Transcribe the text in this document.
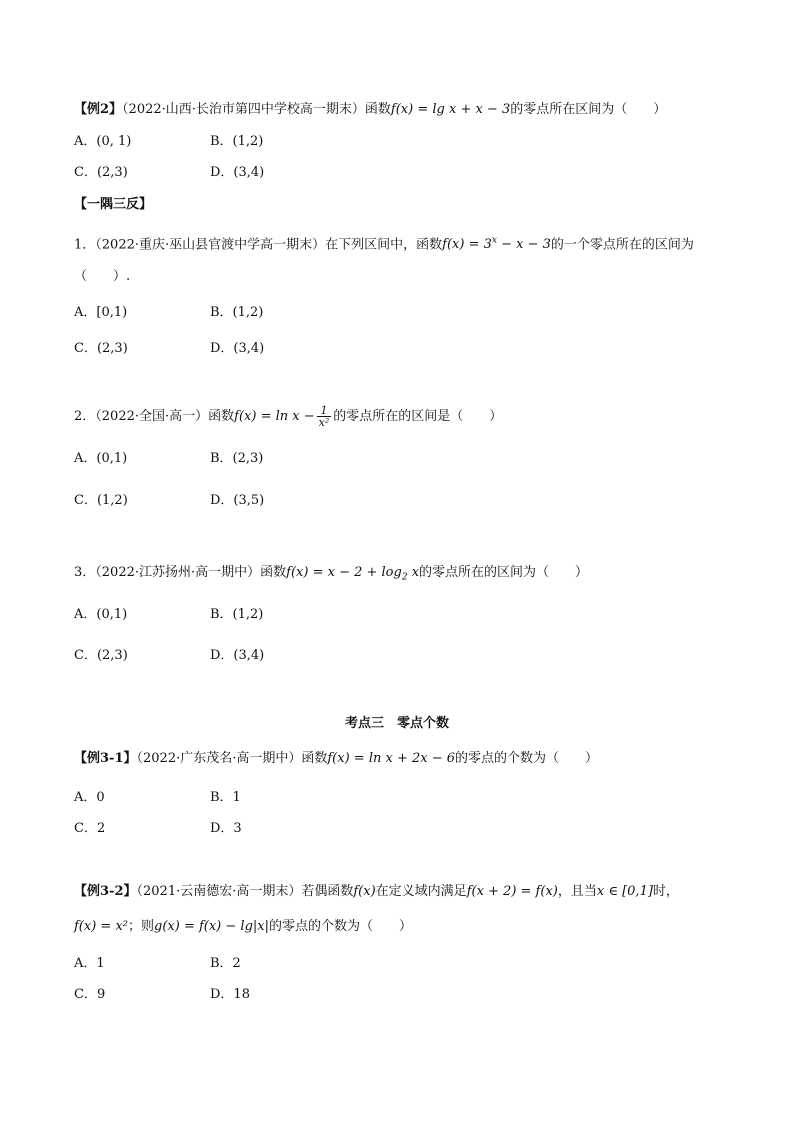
【例2】（2022·山西·长治市第四中学校高一期末）函数f(x) = lg x + x − 3的零点所在区间为（　　）
A．(0, 1)	B．(1,2)
C．(2,3)	D．(3,4)
【一隅三反】
1．（2022·重庆·巫山县官渡中学高一期末）在下列区间中，函数$f(x) = 3^x - x - 3$的一个零点所在的区间为
（　　）.
A．[0,1)	B．(1,2)
C．(2,3)	D．(3,4)
2．（2022·全国·高一）函数$f(x) = \ln x - \frac{1}{\text{x²}}$ 的零点所在的区间是（　　）
A．(0,1)	B．(2,3)
C．(1,2)	D．(3,5)
3．（2022·江苏扬州·高一期中）函数$f(x) = x - 2 + \log_2 x$的零点所在的区间为（　　）
A．(0,1)	B．(1,2)
C．(2,3)	D．(3,4)
考点三　零点个数
【例3-1】（2022·广东茂名·高一期中）函数f(x) = ln x + 2x − 6的零点的个数为（　　）
A．0	B．1
C．2	D．3
【例3-2】（2021·云南德宏·高一期末）若偶函数f(x)在定义域内满足f(x + 2) = f(x)，且当x ∈ [0,1]时，
f(x) = x²；则g(x) = f(x) − lg|x|的零点的个数为（　　）
A．1	B．2
C．9	D．18
